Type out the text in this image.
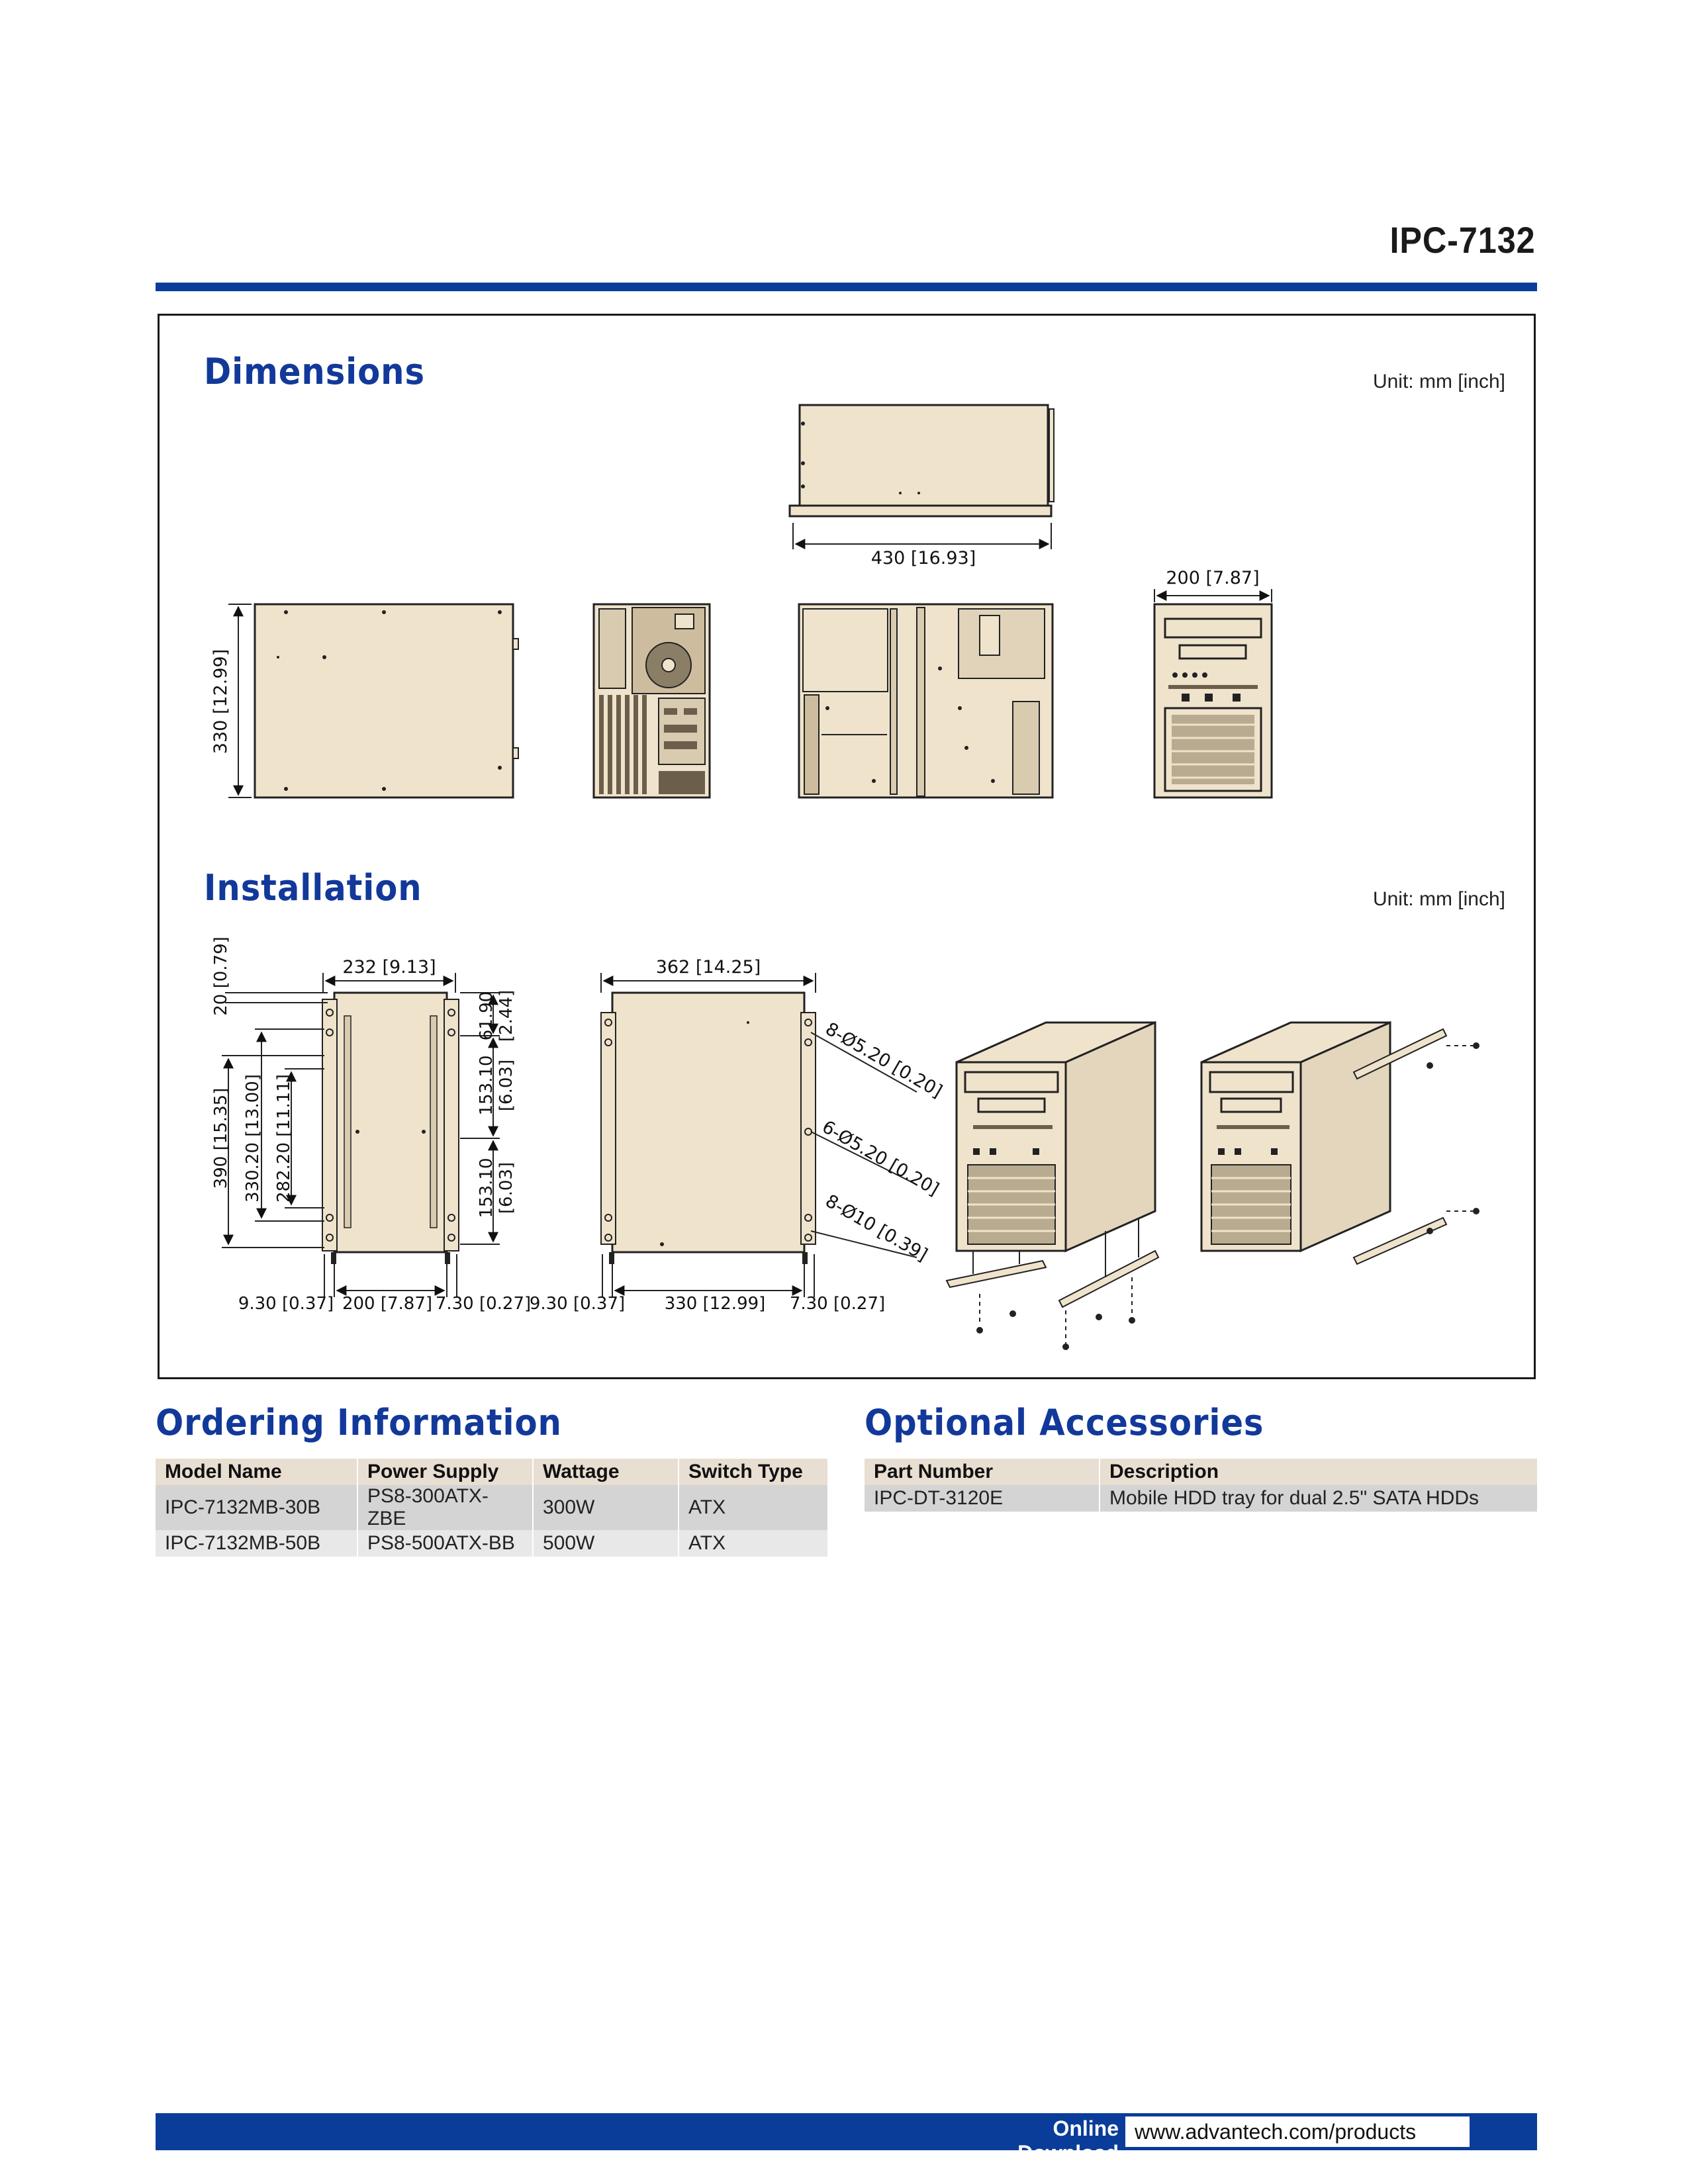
IPC-7132
Dimensions	Unit: mm [inch]
Installation	Unit: mm [inch]
430 [16.93]
330 [12.99]
200 [7.87]
232 [9.13]
20 [0.79]
390 [15.35] 330.20 [13.00] 282.20 [11.11]
61.90 [2.44]
153.10 [6.03]
153.10 [6.03]
9.30 [0.37] 200 [7.87] 7.30 [0.27]
362 [14.25]
9.30 [0.37] 330 [12.99] 7.30 [0.27]
8-Ø5.20 [0.20]
6-Ø5.20 [0.20]
8-Ø10 [0.39]
Ordering Information
Model Name	Power Supply	Wattage	Switch Type
IPC-7132MB-30B	PS8-300ATX-ZBE	300W	ATX
IPC-7132MB-50B	PS8-500ATX-BB	500W	ATX
Optional Accessories
Part Number	Description
IPC-DT-3120E	Mobile HDD tray for dual 2.5" SATA HDDs
Online Download
www.advantech.com/products
